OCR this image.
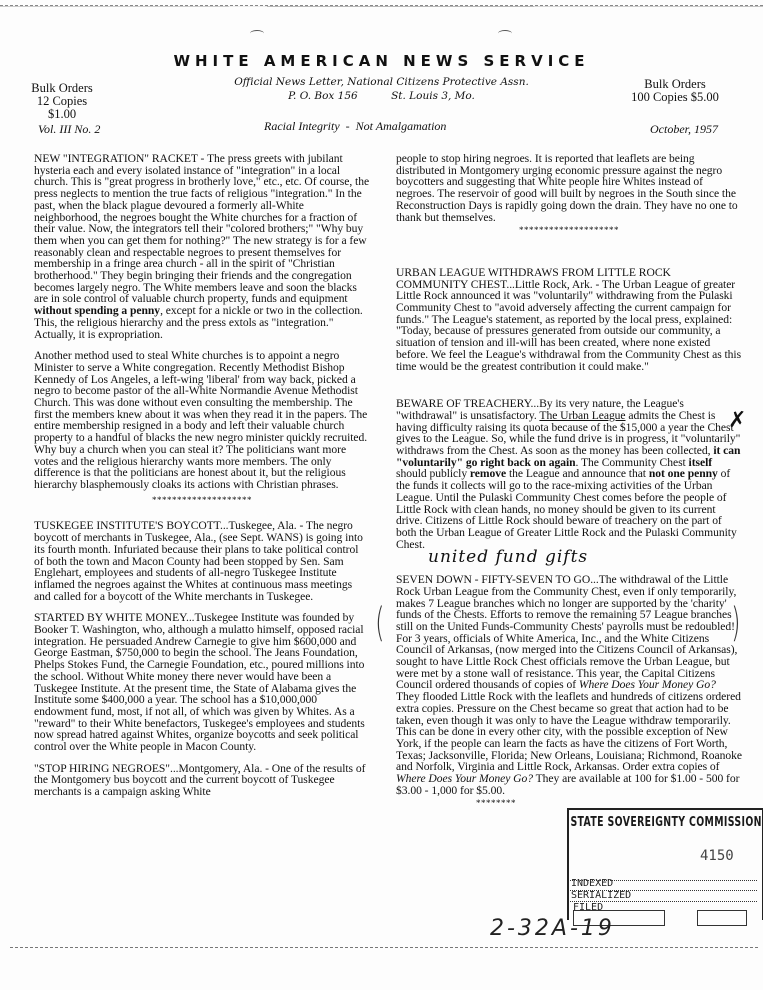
WHITE AMERICAN NEWS SERVICE
Official News Letter, National Citizens Protective Assn.
P. O. Box 156          St. Louis 3, Mo.
Bulk Orders
12 Copies $1.00
Bulk Orders
100 Copies $5.00
Vol. III No. 2	Racial Integrity  -  Not Amalgamation	October, 1957

NEW "INTEGRATION" RACKET - The press greets with jubilant hysteria each and every isolated instance of "integration" in a local church. This is "great progress in brotherly love," etc., etc. Of course, the press neglects to mention the true facts of religious "integration." In the past, when the black plague devoured a formerly all-White neighborhood, the negroes bought the White churches for a fraction of their value. Now, the integrators tell their "colored brothers;" "Why buy them when you can get them for nothing?" The new strategy is for a few reasonably clean and respectable negroes to present themselves for membership in a fringe area church - all in the spirit of "Christian brotherhood." They begin bringing their friends and the congregation becomes largely negro. The White members leave and soon the blacks are in sole control of valuable church property, funds and equipment without spending a penny, except for a nickle or two in the collection. This, the religious hierarchy and the press extols as "integration." Actually, it is expropriation.

Another method used to steal White churches is to appoint a negro Minister to serve a White congregation. Recently Methodist Bishop Kennedy of Los Angeles, a left-wing 'liberal' from way back, picked a negro to become pastor of the all-White Normandie Avenue Methodist Church. This was done without even consulting the membership. The first the members knew about it was when they read it in the papers. The entire membership resigned in a body and left their valuable church property to a handful of blacks the new negro minister quickly recruited. Why buy a church when you can steal it? The politicians want more votes and the religious hierarchy wants more members. The only difference is that the politicians are honest about it, but the religious hierarchy blasphemously cloaks its actions with Christian phrases.

********************

TUSKEGEE INSTITUTE'S BOYCOTT...Tuskegee, Ala. - The negro boycott of merchants in Tuskegee, Ala., (see Sept. WANS) is going into its fourth month. Infuriated because their plans to take political control of both the town and Macon County had been stopped by Sen. Sam Englehart, employees and students of all-negro Tuskegee Institute inflamed the negroes against the Whites at continuous mass meetings and called for a boycott of the White merchants in Tuskegee.

STARTED BY WHITE MONEY...Tuskegee Institute was founded by Booker T. Washington, who, although a mulatto himself, opposed racial integration. He persuaded Andrew Carnegie to give him $600,000 and George Eastman, $750,000 to begin the school. The Jeans Foundation, Phelps Stokes Fund, the Carnegie Foundation, etc., poured millions into the school. Without White money there never would have been a Tuskegee Institute. At the present time, the State of Alabama gives the Institute some $400,000 a year. The school has a $10,000,000 endowment fund, most, if not all, of which was given by Whites. As a "reward" to their White benefactors, Tuskegee's employees and students now spread hatred against Whites, organize boycotts and seek political control over the White people in Macon County.

"STOP HIRING NEGROES"...Montgomery, Ala. - One of the results of the Montgomery bus boycott and the current boycott of Tuskegee merchants is a campaign asking White

people to stop hiring negroes. It is reported that leaflets are being distributed in Montgomery urging economic pressure against the negro boycotters and suggesting that White people hire Whites instead of negroes. The reservoir of good will built by negroes in the South since the Reconstruction Days is rapidly going down the drain. They have no one to thank but themselves.

********************

URBAN LEAGUE WITHDRAWS FROM LITTLE ROCK COMMUNITY CHEST...Little Rock, Ark. - The Urban League of greater Little Rock announced it was "voluntarily" withdrawing from the Pulaski Community Chest to "avoid adversely affecting the current campaign for funds." The League's statement, as reported by the local press, explained: "Today, because of pressures generated from outside our community, a situation of tension and ill-will has been created, where none existed before. We feel the League's withdrawal from the Community Chest as this time would be the greatest contribution it could make."

BEWARE OF TREACHERY...By its very nature, the League's "withdrawal" is unsatisfactory. The Urban League admits the Chest is having difficulty raising its quota because of the $15,000 a year the Chest gives to the League. So, while the fund drive is in progress, it "voluntarily" withdraws from the Chest. As soon as the money has been collected, it can "voluntarily" go right back on again. The Community Chest itself should publicly remove the League and announce that not one penny of the funds it collects will go to the race-mixing activities of the Urban League. Until the Pulaski Community Chest comes before the people of Little Rock with clean hands, no money should be given to its current drive. Citizens of Little Rock should beware of treachery on the part of both the Urban League of Greater Little Rock and the Pulaski Community Chest.

united fund gifts

SEVEN DOWN - FIFTY-SEVEN TO GO...The withdrawal of the Little Rock Urban League from the Community Chest, even if only temporarily, makes 7 League branches which no longer are supported by the 'charity' funds of the Chests. Efforts to remove the remaining 57 League branches still on the United Funds-Community Chests' payrolls must be redoubled! For 3 years, officials of White America, Inc., and the White Citizens Council of Arkansas, (now merged into the Citizens Council of Arkansas), sought to have Little Rock Chest officials remove the Urban League, but were met by a stone wall of resistance. This year, the Capital Citizens Council ordered thousands of copies of Where Does Your Money Go? They flooded Little Rock with the leaflets and hundreds of citizens ordered extra copies. Pressure on the Chest became so great that action had to be taken, even though it was only to have the League withdraw temporarily. This can be done in every other city, with the possible exception of New York, if the people can learn the facts as have the citizens of Fort Worth, Texas; Jacksonville, Florida; New Orleans, Louisiana; Richmond, Roanoke and Norfolk, Virginia and Little Rock, Arkansas. Order extra copies of Where Does Your Money Go? They are available at 100 for $1.00 - 500 for $3.00 - 1,000 for $5.00.

********
✗
(	)
STATE SOVEREIGNTY COMMISSION
INDEXED
SERIALIZED
FILED
4150
2-32A-19
